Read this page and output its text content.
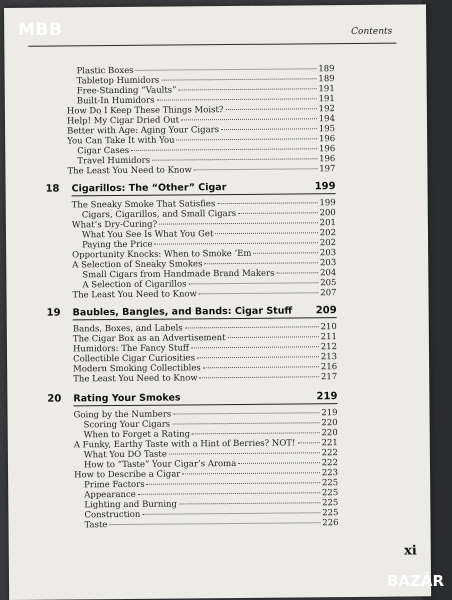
MBB	Contents
Plastic Boxes	189
Tabletop Humidors	189
Free-Standing “Vaults”	191
Built-In Humidors	191
How Do I Keep These Things Moist?	192
Help! My Cigar Dried Out	194
Better with Age: Aging Your Cigars	195
You Can Take It with You	196
Cigar Cases	196
Travel Humidors	196
The Least You Need to Know	197
18	Cigarillos: The “Other” Cigar	199
The Sneaky Smoke That Satisfies	199
Cigars, Cigarillos, and Small Cigars	200
What’s Dry-Curing?	201
What You See Is What You Get	202
Paying the Price	202
Opportunity Knocks: When to Smoke ’Em	203
A Selection of Sneaky Smokes	203
Small Cigars from Handmade Brand Makers	204
A Selection of Cigarillos	205
The Least You Need to Know	207
19	Baubles, Bangles, and Bands: Cigar Stuff	209
Bands, Boxes, and Labels	210
The Cigar Box as an Advertisement	211
Humidors: The Fancy Stuff	212
Collectible Cigar Curiosities	213
Modern Smoking Collectibles	216
The Least You Need to Know	217
20	Rating Your Smokes	219
Going by the Numbers	219
Scoring Your Cigars	220
When to Forget a Rating	220
A Funky, Earthy Taste with a Hint of Berries? NOT!	221
What You DO Taste	222
How to “Taste” Your Cigar’s Aroma	222
How to Describe a Cigar	223
Prime Factors	225
Appearance	225
Lighting and Burning	225
Construction	225
Taste	226
xi
BAZĂR
